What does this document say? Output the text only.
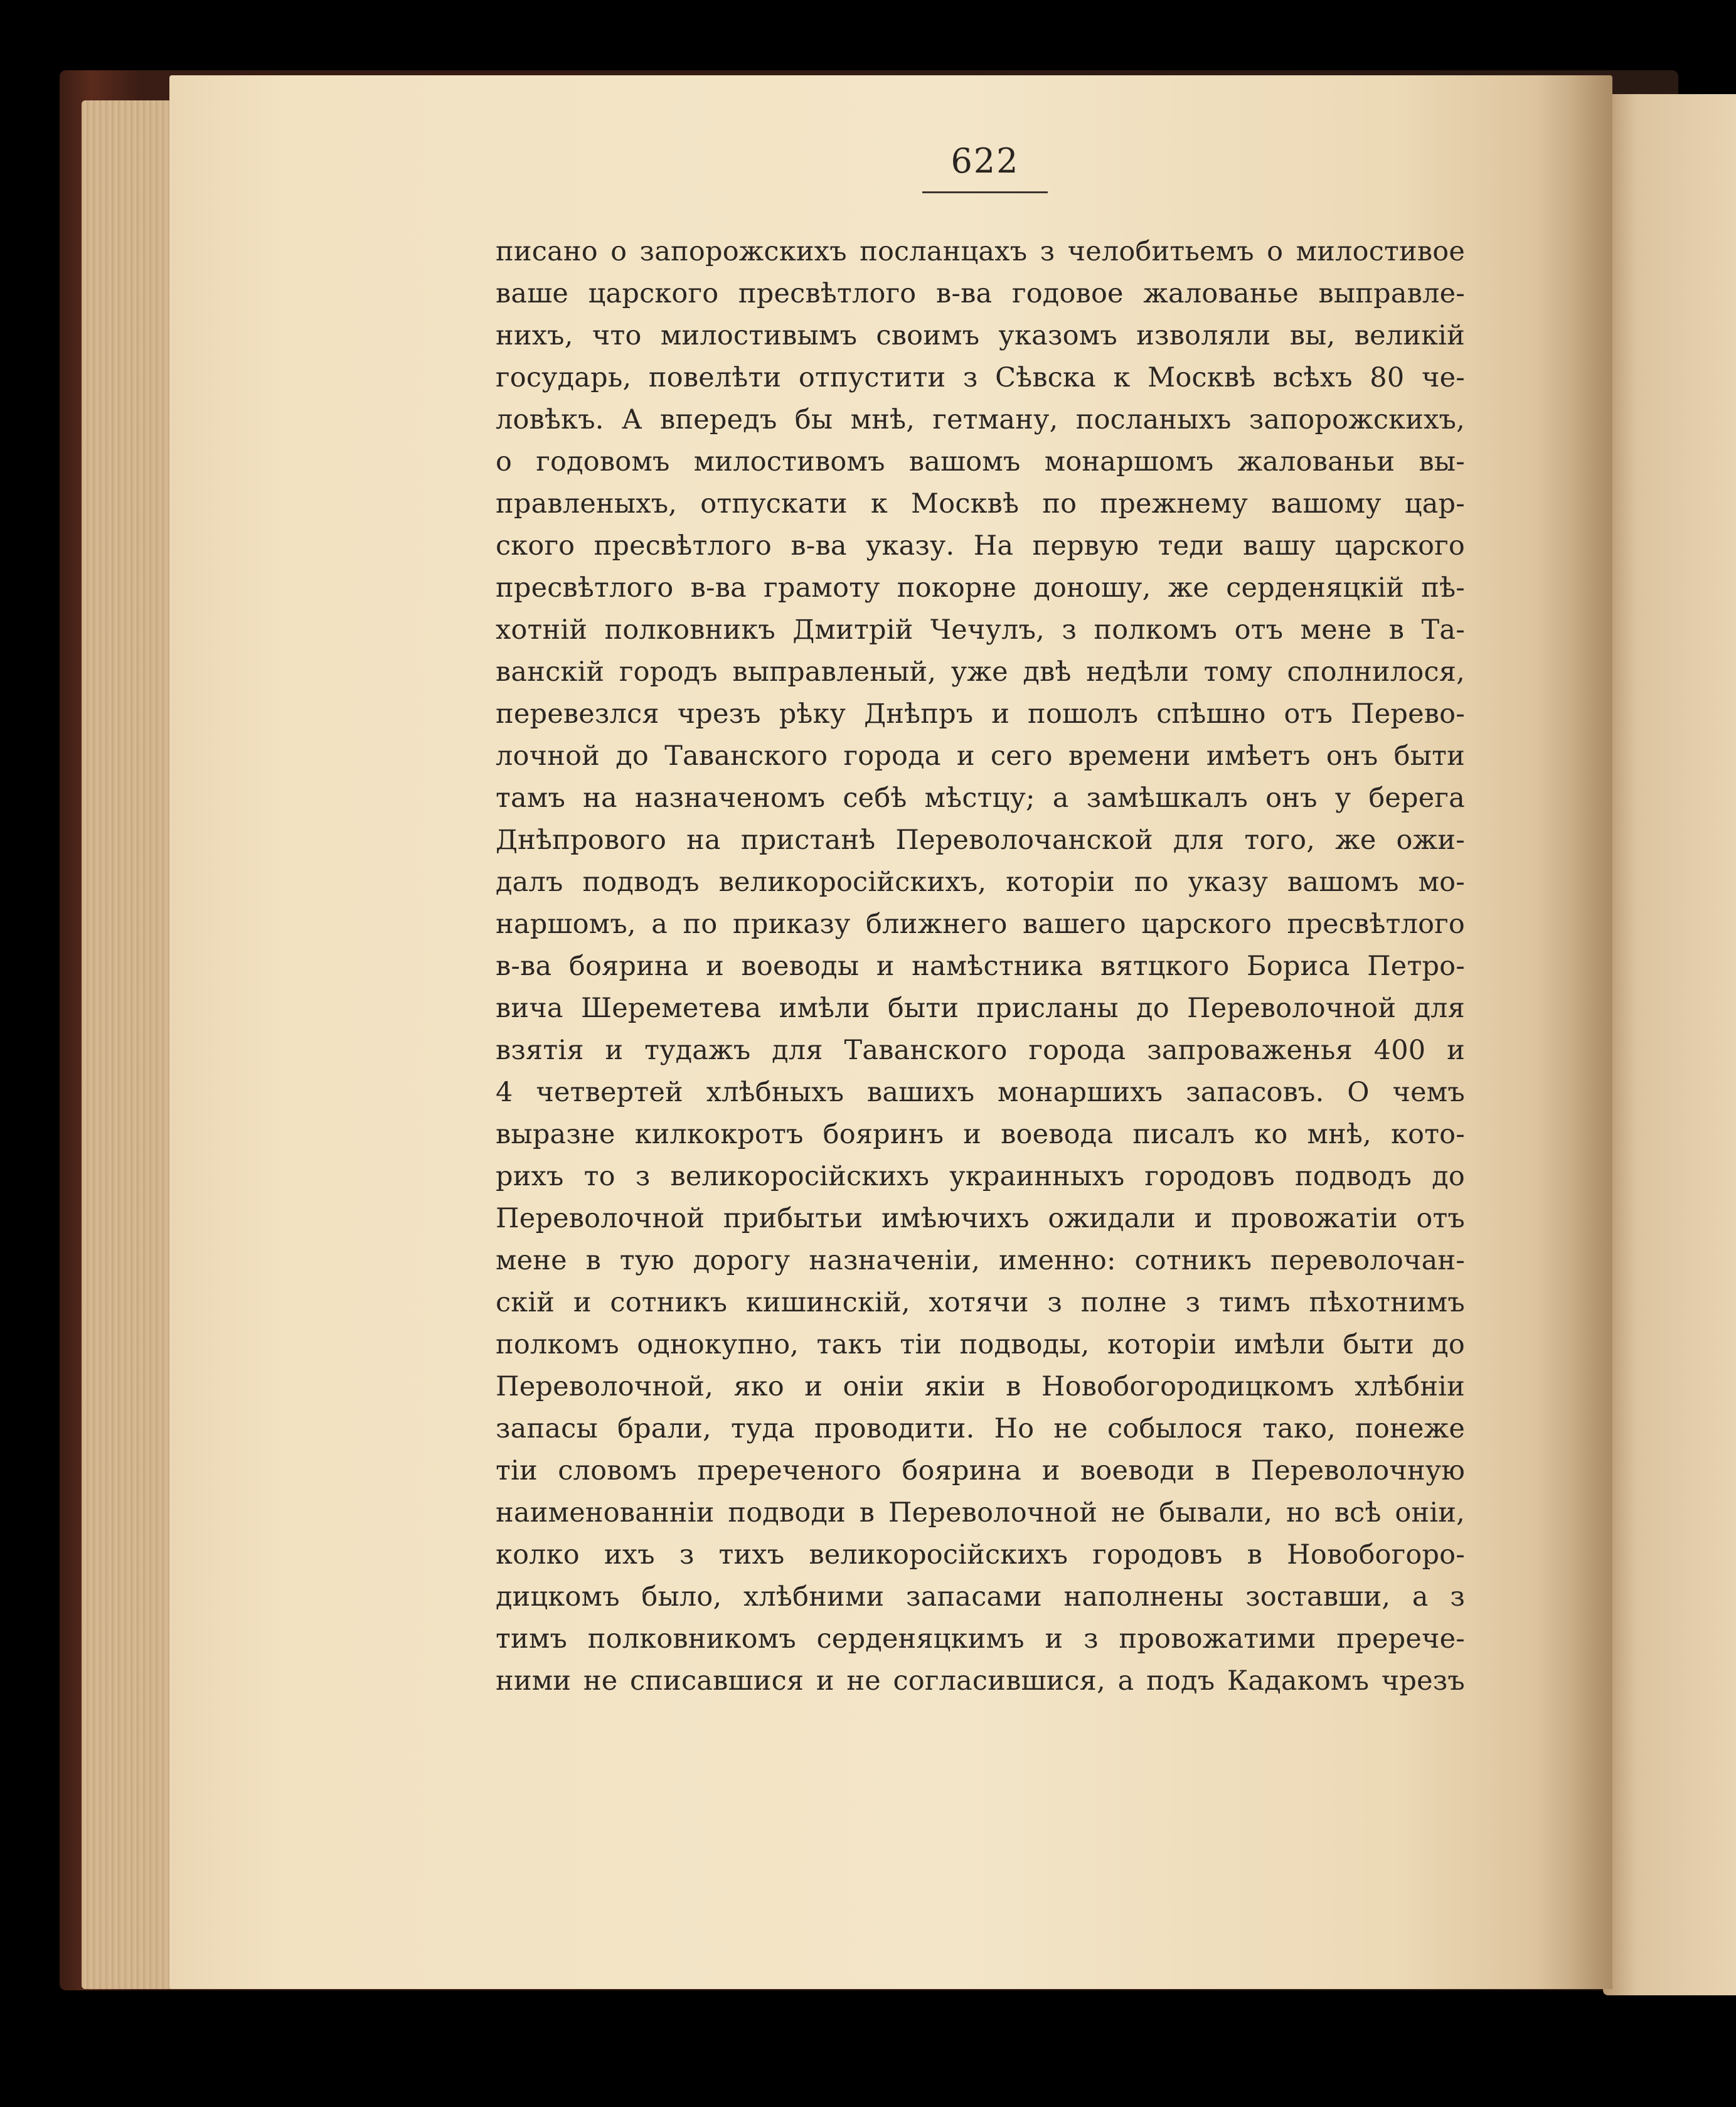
622
писано о запорожскихъ посланцахъ з челобитьемъ о милостивое
ваше царского пресвѣтлого в-ва годовое жалованье выправле-
нихъ, что милостивымъ своимъ указомъ изволяли вы, великій
государь, повелѣти отпустити з Сѣвска к Москвѣ всѣхъ 80 че-
ловѣкъ. А впередъ бы мнѣ, гетману, посланыхъ запорожскихъ,
о годовомъ милостивомъ вашомъ монаршомъ жалованьи вы-
правленыхъ, отпускати к Москвѣ по прежнему вашому цар-
ского пресвѣтлого в-ва указу. На первую теди вашу царского
пресвѣтлого в-ва грамоту покорне доношу, же серденяцкій пѣ-
хотній полковникъ Дмитрій Чечулъ, з полкомъ отъ мене в Та-
ванскій городъ выправленый, уже двѣ недѣли тому сполнилося,
перевезлся чрезъ рѣку Днѣпръ и пошолъ спѣшно отъ Перево-
лочной до Таванского города и сего времени имѣетъ онъ быти
тамъ на назначеномъ себѣ мѣстцу; а замѣшкалъ онъ у берега
Днѣпрового на пристанѣ Переволочанской для того, же ожи-
далъ подводъ великоросійскихъ, которіи по указу вашомъ мо-
наршомъ, а по приказу ближнего вашего царского пресвѣтлого
в-ва боярина и воеводы и намѣстника вятцкого Бориса Петро-
вича Шереметева имѣли быти присланы до Переволочной для
взятія и тудажъ для Таванского города запроваженья 400 и
4 четвертей хлѣбныхъ вашихъ монаршихъ запасовъ. О чемъ
выразне килкокротъ бояринъ и воевода писалъ ко мнѣ, кото-
рихъ то з великоросійскихъ украинныхъ городовъ подводъ до
Переволочной прибытьи имѣючихъ ожидали и провожатіи отъ
мене в тую дорогу назначеніи, именно: сотникъ переволочан-
скій и сотникъ кишинскій, хотячи з полне з тимъ пѣхотнимъ
полкомъ однокупно, такъ тіи подводы, которіи имѣли быти до
Переволочной, яко и оніи якіи в Новобогородицкомъ хлѣбніи
запасы брали, туда проводити. Но не собылося тако, понеже
тіи словомъ пререченого боярина и воеводи в Переволочную
наименованніи подводи в Переволочной не бывали, но всѣ оніи,
колко ихъ з тихъ великоросійскихъ городовъ в Новобогоро-
дицкомъ было, хлѣбними запасами наполнены зоставши, а з
тимъ полковникомъ серденяцкимъ и з провожатими пререче-
ними не списавшися и не согласившися, а подъ Кадакомъ чрезъ
